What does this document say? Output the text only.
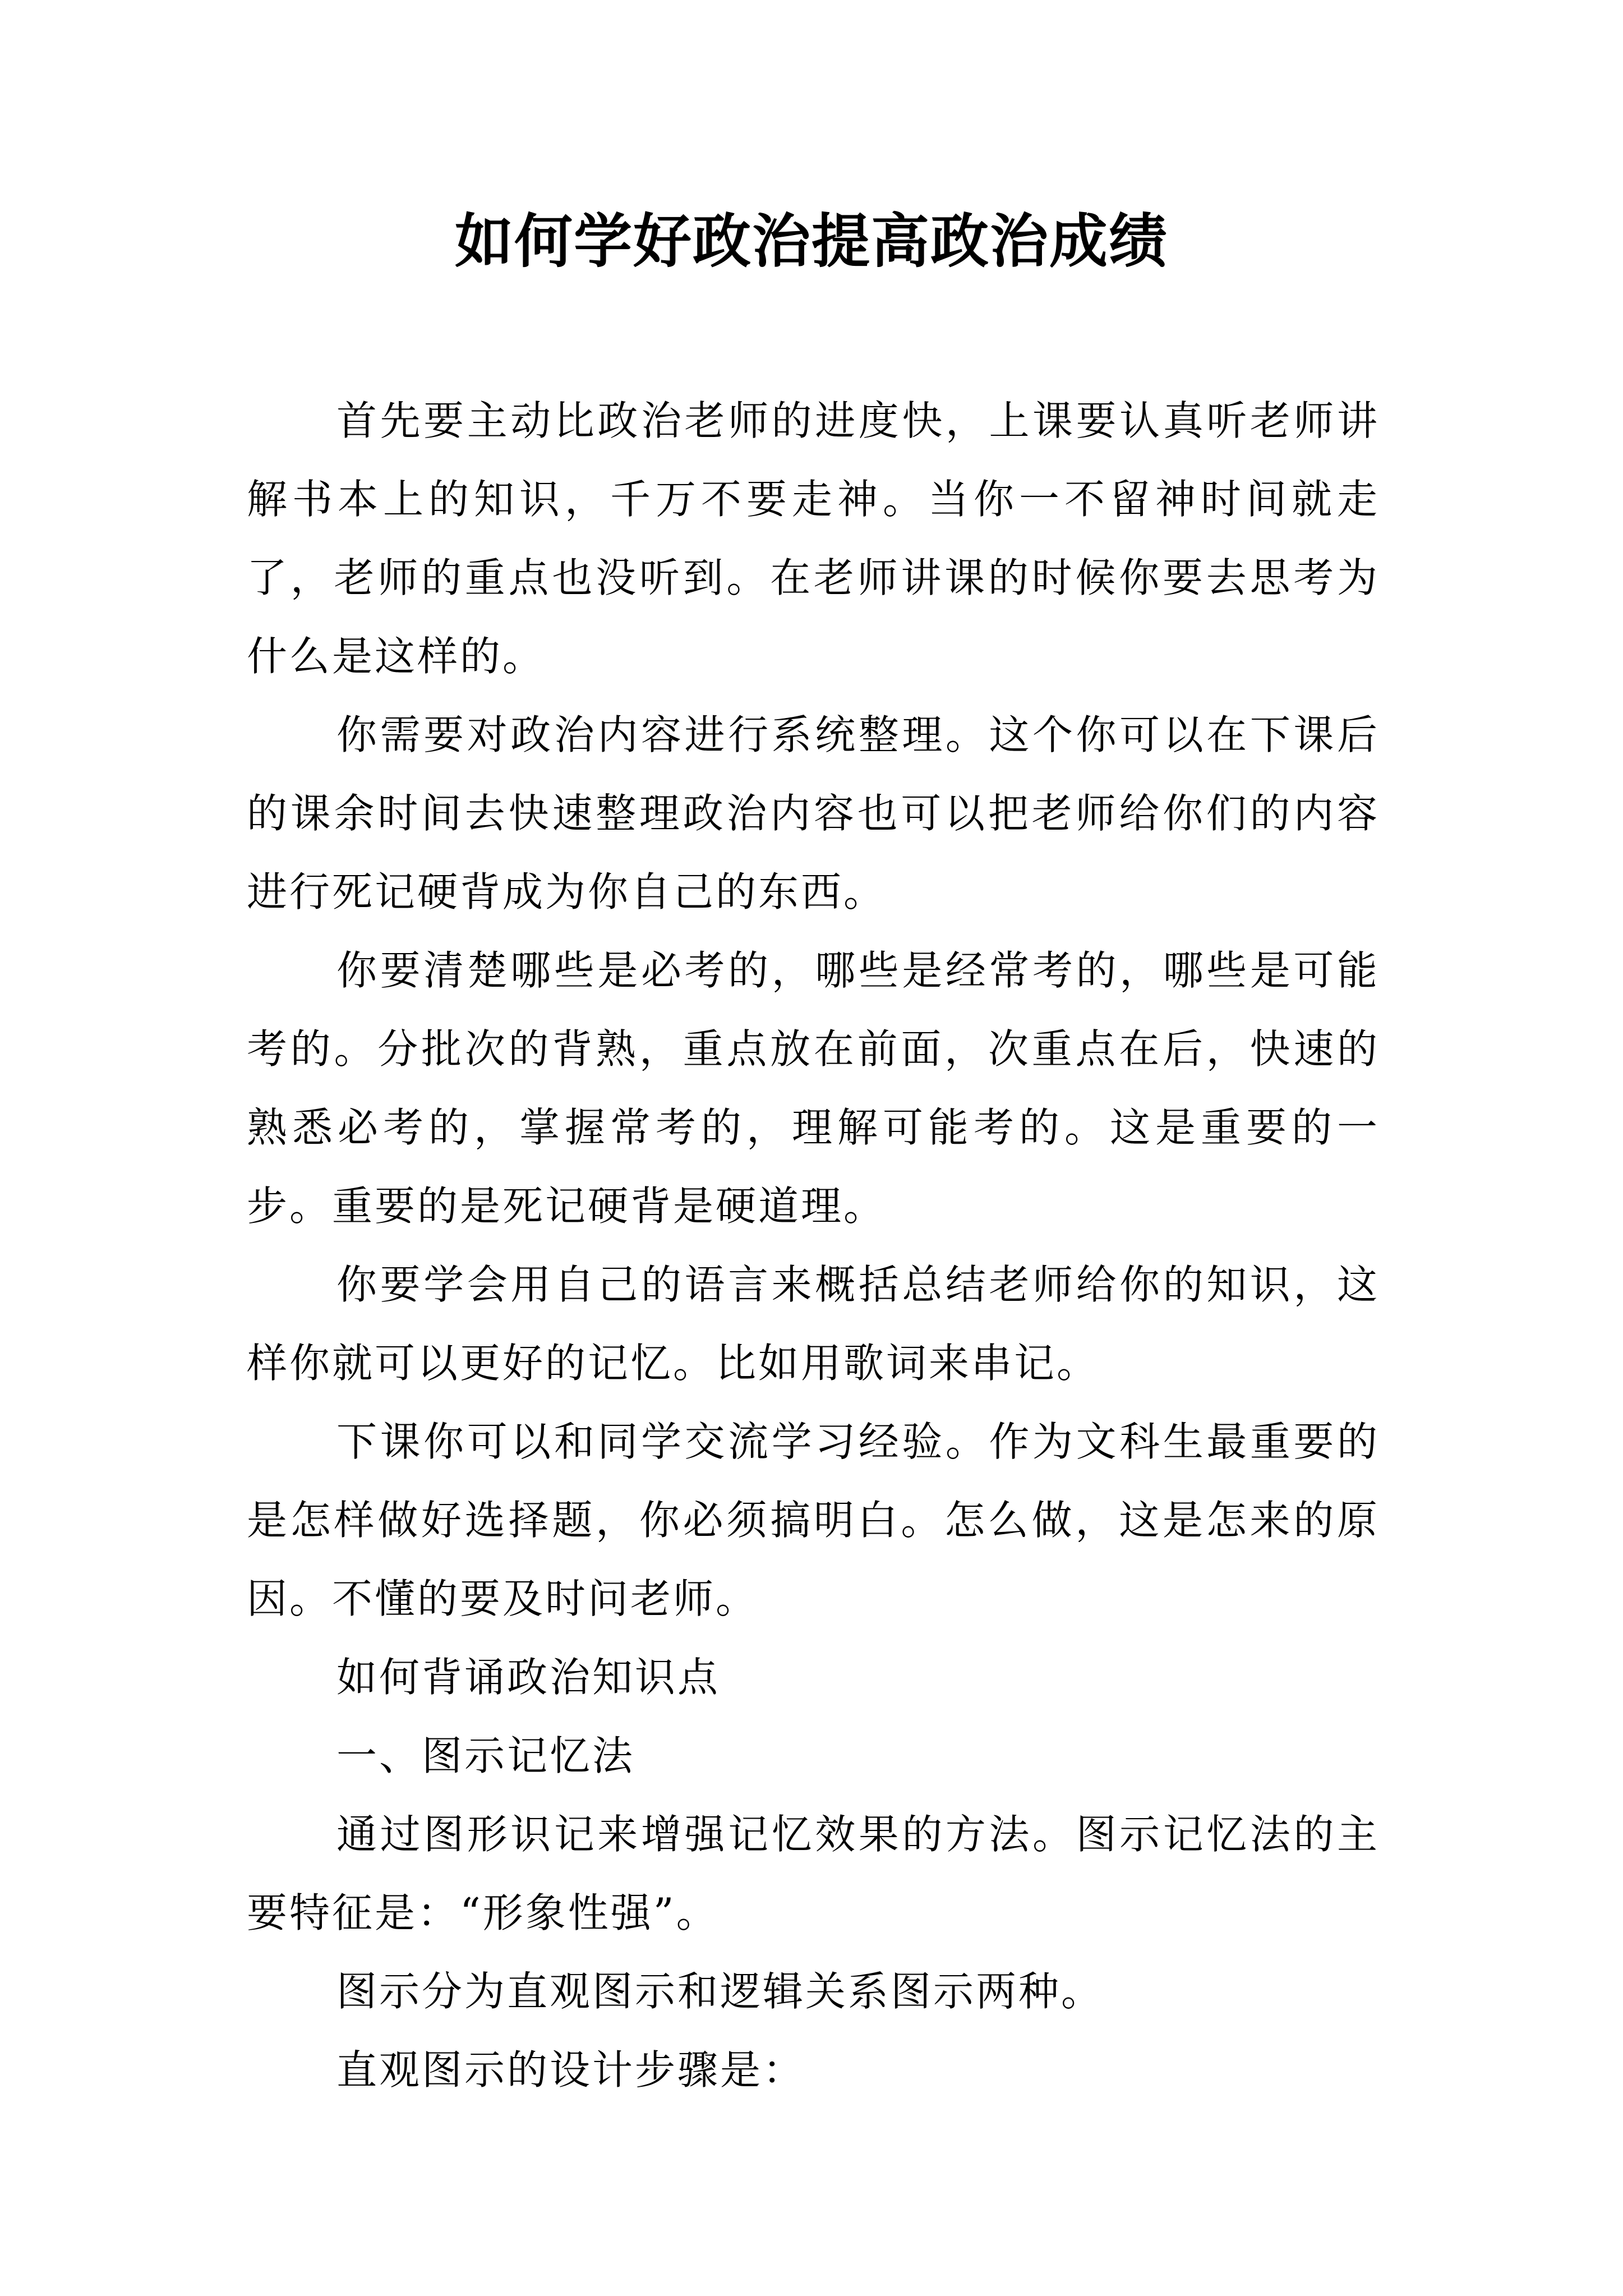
如何学好政治提高政治成绩

首先要主动比政治老师的进度快，上课要认真听老师讲解书本上的知识，千万不要走神。当你一不留神时间就走了，老师的重点也没听到。在老师讲课的时候你要去思考为什么是这样的。

你需要对政治内容进行系统整理。这个你可以在下课后的课余时间去快速整理政治内容也可以把老师给你们的内容进行死记硬背成为你自己的东西。

你要清楚哪些是必考的，哪些是经常考的，哪些是可能考的。分批次的背熟，重点放在前面，次重点在后，快速的熟悉必考的，掌握常考的，理解可能考的。这是重要的一步。重要的是死记硬背是硬道理。

你要学会用自己的语言来概括总结老师给你的知识，这样你就可以更好的记忆。比如用歌词来串记。

下课你可以和同学交流学习经验。作为文科生最重要的是怎样做好选择题，你必须搞明白。怎么做，这是怎来的原因。不懂的要及时问老师。

如何背诵政治知识点

一、图示记忆法

通过图形识记来增强记忆效果的方法。图示记忆法的主要特征是：“形象性强”。

图示分为直观图示和逻辑关系图示两种。

直观图示的设计步骤是：
